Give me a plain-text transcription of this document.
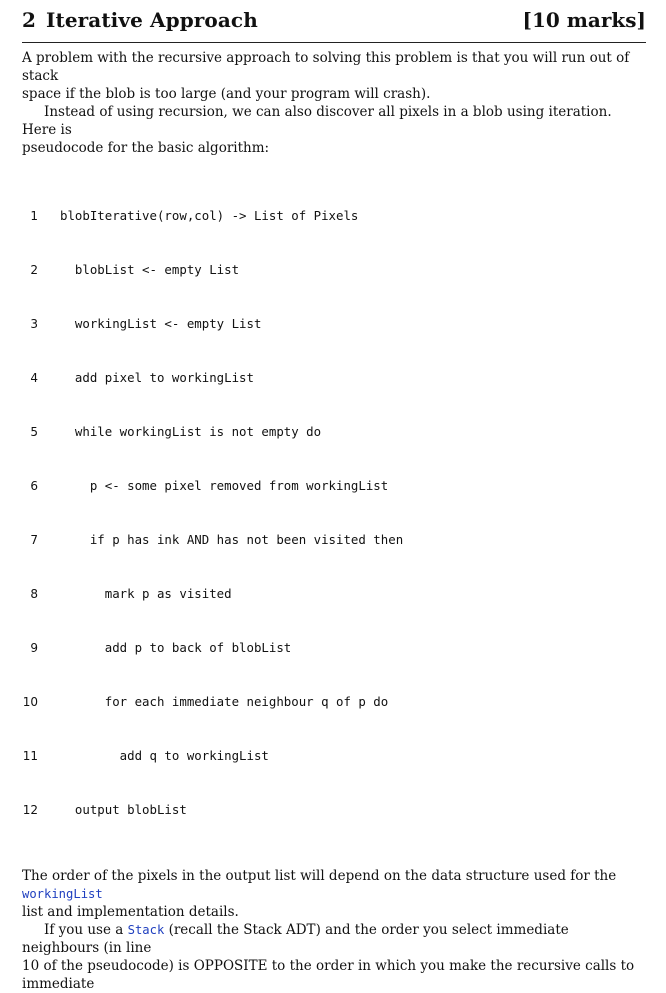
2 Iterative Approach	[10 marks]
A problem with the recursive approach to solving this problem is that you will run out of stack
space if the blob is too large (and your program will crash).
Instead of using recursion, we can also discover all pixels in a blob using iteration. Here is
pseudocode for the basic algorithm:

1 blobIterative(row,col) -> List of Pixels

2 blobList <- empty List

3 workingList <- empty List

4 add pixel to workingList

5 while workingList is not empty do

6 p <- some pixel removed from workingList

7 if p has ink AND has not been visited then

8 mark p as visited

9 add p to back of blobList

10 for each immediate neighbour q of p do

11 add q to workingList

12 output blobList

The order of the pixels in the output list will depend on the data structure used for the workingList
list and implementation details.
If you use a Stack (recall the Stack ADT) and the order you select immediate neighbours (in line
10 of the pseudocode) is OPPOSITE to the order in which you make the recursive calls to immediate
